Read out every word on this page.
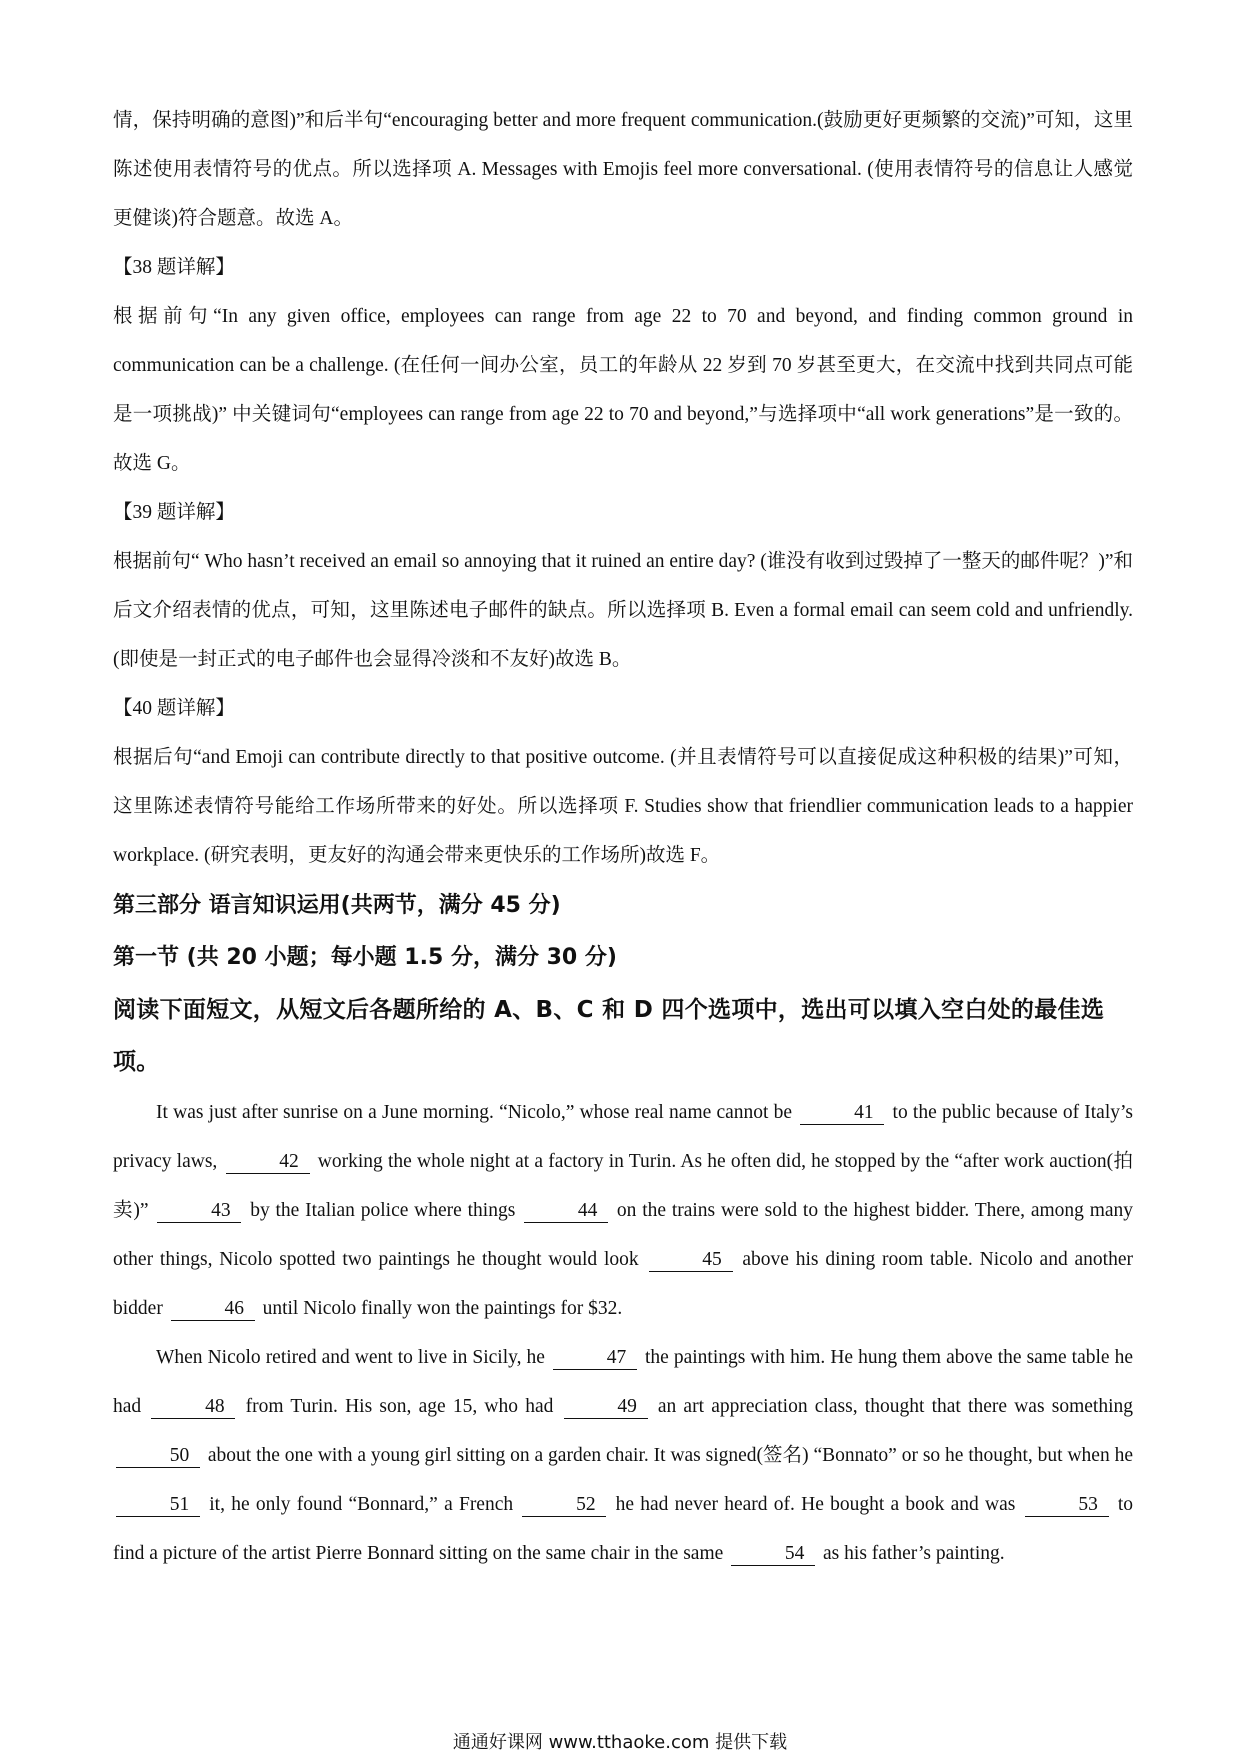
情，保持明确的意图)”和后半句“encouraging better and more frequent communication.(鼓励更好更频繁的交流)”可知，这里陈述使用表情符号的优点。所以选择项 A. Messages with Emojis feel more conversational. (使用表情符号的信息让人感觉更健谈)符合题意。故选 A。

【38 题详解】

根据前句“In any given office, employees can range from age 22 to 70 and beyond, and finding common ground in communication can be a challenge. (在任何一间办公室，员工的年龄从 22 岁到 70 岁甚至更大，在交流中找到共同点可能是一项挑战)” 中关键词句“employees can range from age 22 to 70 and beyond,”与选择项中“all work generations”是一致的。故选 G。

【39 题详解】

根据前句“ Who hasn’t received an email so annoying that it ruined an entire day? (谁没有收到过毁掉了一整天的邮件呢？)”和后文介绍表情的优点，可知，这里陈述电子邮件的缺点。所以选择项 B. Even a formal email can seem cold and unfriendly. (即使是一封正式的电子邮件也会显得冷淡和不友好)故选 B。

【40 题详解】

根据后句“and Emoji can contribute directly to that positive outcome. (并且表情符号可以直接促成这种积极的结果)”可知，这里陈述表情符号能给工作场所带来的好处。所以选择项 F. Studies show that friendlier communication leads to a happier workplace. (研究表明，更友好的沟通会带来更快乐的工作场所)故选 F。

第三部分 语言知识运用(共两节，满分 45 分)

第一节 (共 20 小题；每小题 1.5 分，满分 30 分)

阅读下面短文，从短文后各题所给的 A、B、C 和 D 四个选项中，选出可以填入空白处的最佳选项。

It was just after sunrise on a June morning. “Nicolo,” whose real name cannot be	41 to the public because of Italy’s privacy laws,	42 working the whole night at a factory in Turin. As he often did, he stopped by the “after work auction(拍卖)”	43 by the Italian police where things	44 on the trains were sold to the highest bidder. There, among many other things, Nicolo spotted two paintings he thought would look	45 above his dining room table. Nicolo and another bidder	46 until Nicolo finally won the paintings for $32.

When Nicolo retired and went to live in Sicily, he	47 the paintings with him. He hung them above the same table he had	48 from Turin. His son, age 15, who had	49 an art appreciation class, thought that there was something 50 about the one with a young girl sitting on a garden chair. It was signed(签名) “Bonnato” or so he thought, but when he 51 it, he only found “Bonnard,” a French	52 he had never heard of. He bought a book and was	53 to find a picture of the artist Pierre Bonnard sitting on the same chair in the same	54 as his father’s painting.

通通好课网 www.tthaoke.com 提供下载
